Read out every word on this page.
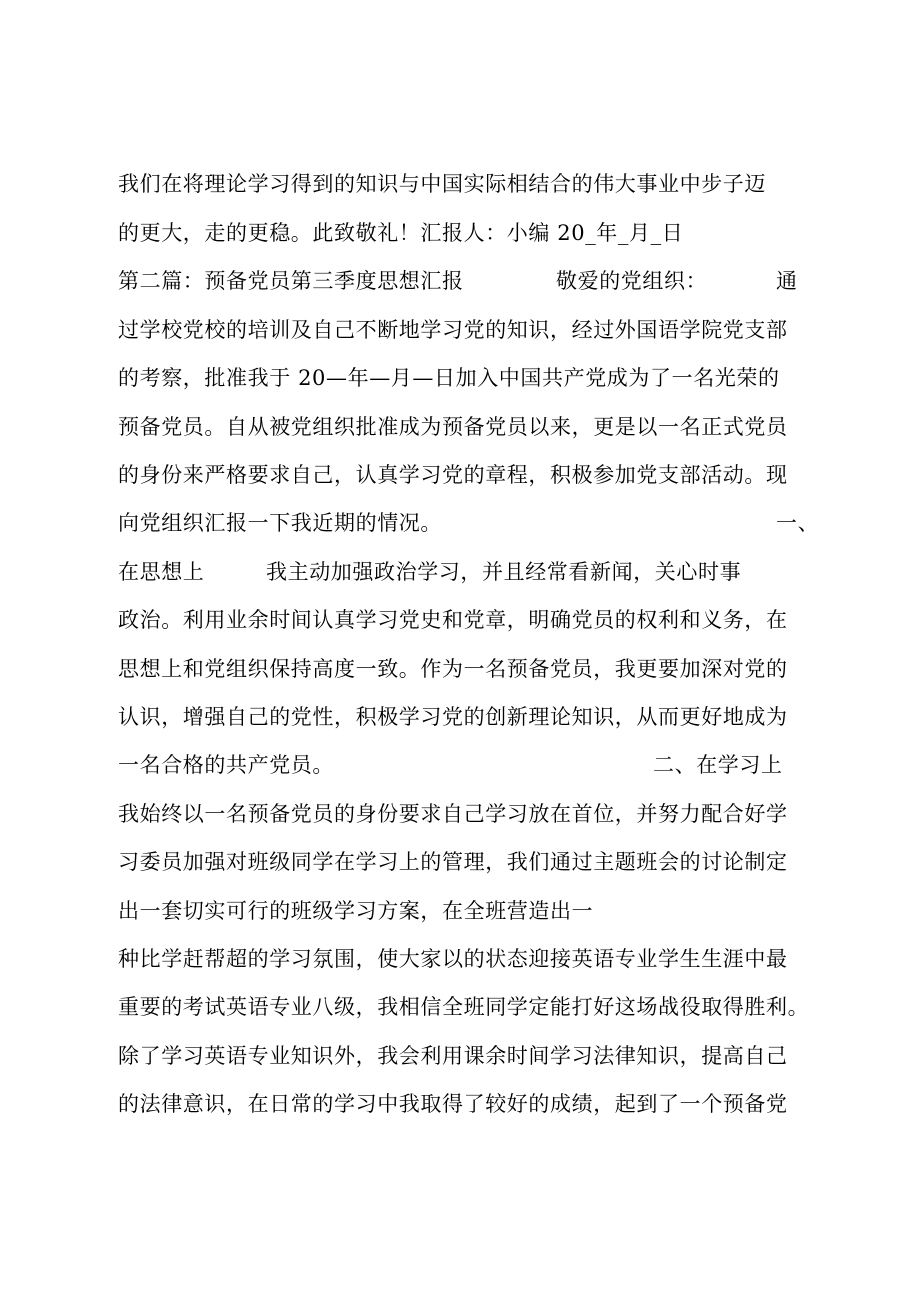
我们在将理论学习得到的知识与中国实际相结合的伟大事业中步子迈
的更大，走的更稳。此致敬礼！汇报人：小编 20_年_月_日
第二篇：预备党员第三季度思想汇报	敬爱的党组织：	通
过学校党校的培训及自己不断地学习党的知识，经过外国语学院党支部
的考察，批准我于 20—年—月—日加入中国共产党成为了一名光荣的
预备党员。自从被党组织批准成为预备党员以来，更是以一名正式党员
的身份来严格要求自己，认真学习党的章程，积极参加党支部活动。现
向党组织汇报一下我近期的情况。	一、
在思想上	我主动加强政治学习，并且经常看新闻，关心时事
政治。利用业余时间认真学习党史和党章，明确党员的权利和义务，在
思想上和党组织保持高度一致。作为一名预备党员，我更要加深对党的
认识，增强自己的党性，积极学习党的创新理论知识，从而更好地成为
一名合格的共产党员。	二、在学习上
我始终以一名预备党员的身份要求自己学习放在首位，并努力配合好学
习委员加强对班级同学在学习上的管理，我们通过主题班会的讨论制定
出一套切实可行的班级学习方案，在全班营造出一
种比学赶帮超的学习氛围，使大家以的状态迎接英语专业学生生涯中最
重要的考试英语专业八级，我相信全班同学定能打好这场战役取得胜利。
除了学习英语专业知识外，我会利用课余时间学习法律知识，提高自己
的法律意识，在日常的学习中我取得了较好的成绩，起到了一个预备党
